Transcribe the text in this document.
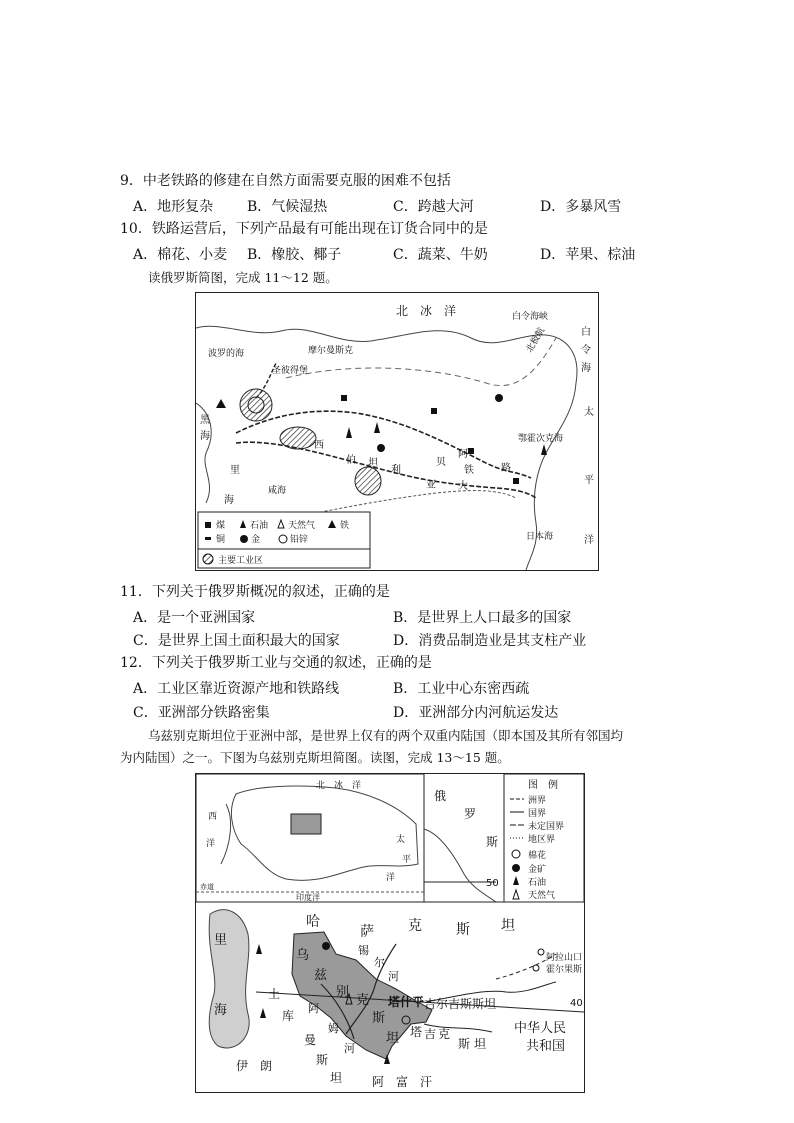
9．中老铁路的修建在自然方面需要克服的困难不包括
A．地形复杂 B．气候湿热	C．跨越大河	D．多暴风雪
10．铁路运营后，下列产品最有可能出现在订货合同中的是
A．棉花、小麦 B．橡胶、椰子	C．蔬菜、牛奶	D．苹果、棕油
读俄罗斯简图，完成 11～12 题。
北　冰　洋	白令海峡
白
令
海
太
平
洋
波罗的海	摩尔曼斯克
圣彼得堡
黑
海
里
海
咸海
西
伯 坦
利
亚
贝
阿
铁
大
路
北极航
鄂霍次克海
日本海
煤	石油 天然气	铁
铜	金	铅锌
主要工业区
11．下列关于俄罗斯概况的叙述，正确的是
A．是一个亚洲国家	B．是世界上人口最多的国家
C．是世界上国土面积最大的国家	D．消费品制造业是其支柱产业
12．下列关于俄罗斯工业与交通的叙述，正确的是
A．工业区靠近资源产地和铁路线	B．工业中心东密西疏
C．亚洲部分铁路密集	D．亚洲部分内河航运发达
乌兹别克斯坦位于亚洲中部，是世界上仅有的两个双重内陆国（即本国及其所有邻国均
为内陆国）之一。下图为乌兹别克斯坦简图。读图，完成 13～15 题。
北　冰　洋
西
洋	太
平
洋
赤道
印度洋
图　例
洲界
国界
未定国界
地区界
棉花
金矿
石油
天然气
50
俄
罗
斯
里
海	40
哈
萨 克 斯 坦
乌
兹
别
克
斯
坦
锡
尔
河
阿
姆
河
土
库
曼
斯
坦
塔什干 吉尔吉斯斯坦
塔 吉 克
斯 坦
中华人民
共和国
阿拉山口
霍尔果斯
伊　朗
阿　富　汗
